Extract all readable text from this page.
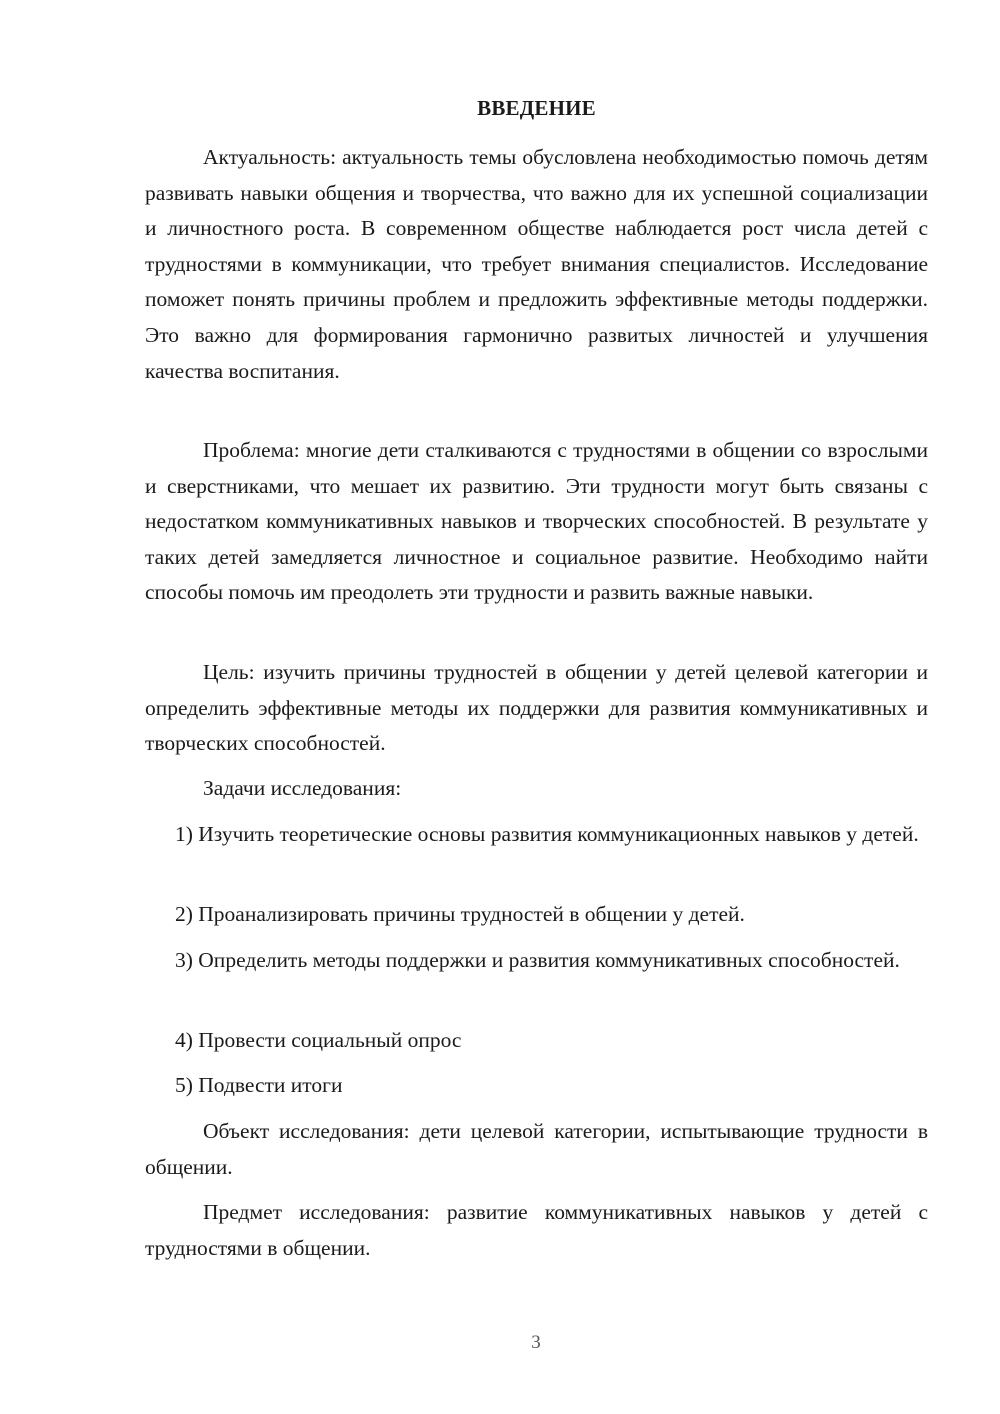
ВВЕДЕНИЕ

Актуальность: актуальность темы обусловлена необходимостью помочь детям развивать навыки общения и творчества, что важно для их успешной социализации и личностного роста. В современном обществе наблюдается рост числа детей с трудностями в коммуникации, что требует внимания специалистов. Исследование поможет понять причины проблем и предложить эффективные методы поддержки. Это важно для формирования гармонично развитых личностей и улучшения качества воспитания.

Проблема: многие дети сталкиваются с трудностями в общении со взрослыми и сверстниками, что мешает их развитию. Эти трудности могут быть связаны с недостатком коммуникативных навыков и творческих способностей. В результате у таких детей замедляется личностное и социальное развитие. Необходимо найти способы помочь им преодолеть эти трудности и развить важные навыки.

Цель: изучить причины трудностей в общении у детей целевой категории и определить эффективные методы их поддержки для развития коммуникативных и творческих способностей.

Задачи исследования:

1) Изучить теоретические основы развития коммуникационных навыков у детей.

2) Проанализировать причины трудностей в общении у детей.

3) Определить методы поддержки и развития коммуникативных способностей.

4) Провести социальный опрос

5) Подвести итоги

Объект исследования: дети целевой категории, испытывающие трудности в общении.

Предмет исследования: развитие коммуникативных навыков у детей с трудностями в общении.

3
